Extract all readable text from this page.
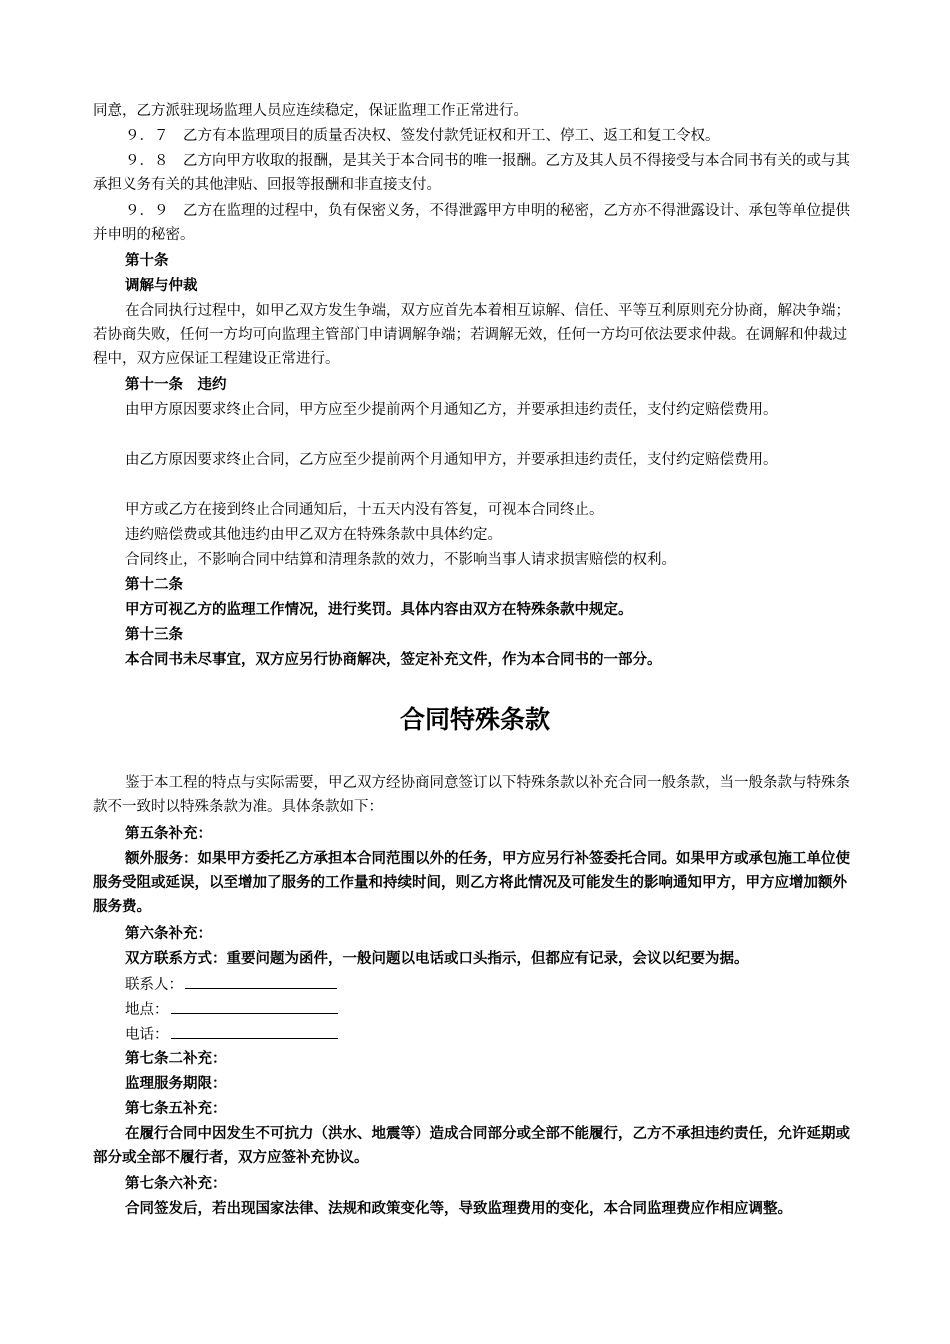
同意，乙方派驻现场监理人员应连续稳定，保证监理工作正常进行。

９．７　乙方有本监理项目的质量否决权、签发付款凭证权和开工、停工、返工和复工令权。

９．８　乙方向甲方收取的报酬，是其关于本合同书的唯一报酬。乙方及其人员不得接受与本合同书有关的或与其承担义务有关的其他津贴、回报等报酬和非直接支付。

９．９　乙方在监理的过程中，负有保密义务，不得泄露甲方申明的秘密，乙方亦不得泄露设计、承包等单位提供并申明的秘密。

第十条

调解与仲裁

在合同执行过程中，如甲乙双方发生争端，双方应首先本着相互谅解、信任、平等互利原则充分协商，解决争端；若协商失败，任何一方均可向监理主管部门申请调解争端；若调解无效，任何一方均可依法要求仲裁。在调解和仲裁过程中，双方应保证工程建设正常进行。

第十一条　违约

由甲方原因要求终止合同，甲方应至少提前两个月通知乙方，并要承担违约责任，支付约定赔偿费用。

由乙方原因要求终止合同，乙方应至少提前两个月通知甲方，并要承担违约责任，支付约定赔偿费用。

甲方或乙方在接到终止合同通知后，十五天内没有答复，可视本合同终止。

违约赔偿费或其他违约由甲乙双方在特殊条款中具体约定。

合同终止，不影响合同中结算和清理条款的效力，不影响当事人请求损害赔偿的权利。

第十二条

甲方可视乙方的监理工作情况，进行奖罚。具体内容由双方在特殊条款中规定。

第十三条

本合同书未尽事宜，双方应另行协商解决，签定补充文件，作为本合同书的一部分。

合同特殊条款

鉴于本工程的特点与实际需要，甲乙双方经协商同意签订以下特殊条款以补充合同一般条款，当一般条款与特殊条款不一致时以特殊条款为准。具体条款如下：

第五条补充：

额外服务：如果甲方委托乙方承担本合同范围以外的任务，甲方应另行补签委托合同。如果甲方或承包施工单位使服务受阻或延误，以至增加了服务的工作量和持续时间，则乙方将此情况及可能发生的影响通知甲方，甲方应增加额外服务费。

第六条补充：

双方联系方式：重要问题为函件，一般问题以电话或口头指示，但都应有记录，会议以纪要为据。

联系人：
地点：
电话：

第七条二补充：

监理服务期限：

第七条五补充：

在履行合同中因发生不可抗力（洪水、地震等）造成合同部分或全部不能履行，乙方不承担违约责任，允许延期或部分或全部不履行者，双方应签补充协议。

第七条六补充：

合同签发后，若出现国家法律、法规和政策变化等，导致监理费用的变化，本合同监理费应作相应调整。
